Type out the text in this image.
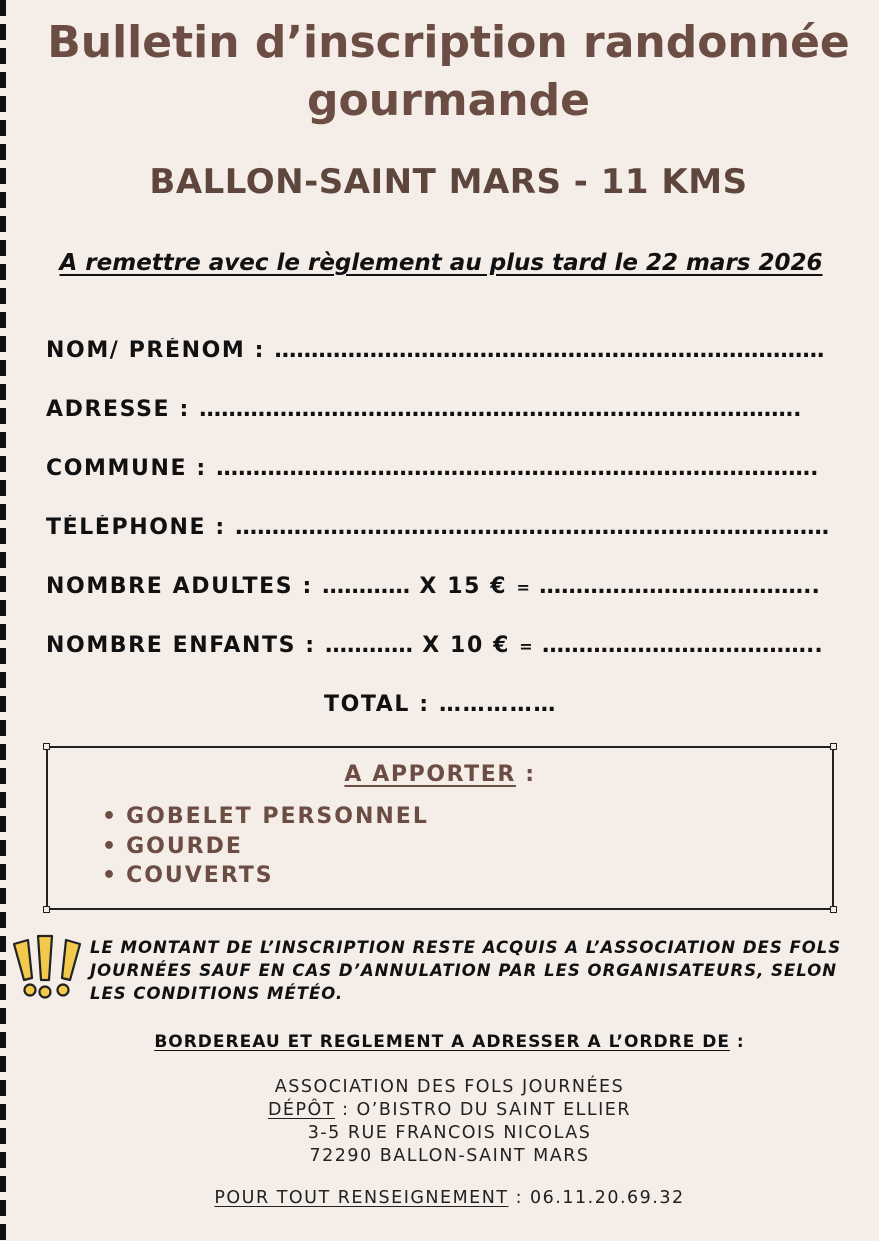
Bulletin d’inscription randonnée
gourmande
BALLON-SAINT MARS - 11 KMS
A remettre avec le règlement au plus tard le 22 mars 2026
NOM/ PRÉNOM : …………………………………………………………………
ADRESSE : ……………………………………………………………………….
COMMUNE : ……………………………………………………………………….
TÉLÉPHONE : ………………………………………………………………………
NOMBRE ADULTES : ………… X 15 € = ………………………………..
NOMBRE ENFANTS : ………… X 10 € = ………………………………..
TOTAL : ……………
A APPORTER :
• GOBELET PERSONNEL
• GOURDE
• COUVERTS

LE MONTANT DE L’INSCRIPTION RESTE ACQUIS A L’ASSOCIATION DES FOLS JOURNÉES SAUF EN CAS D’ANNULATION PAR LES ORGANISATEURS, SELON LES CONDITIONS MÉTÉO.

BORDEREAU ET REGLEMENT A ADRESSER A L’ORDRE DE :
ASSOCIATION DES FOLS JOURNÉES
DÉPÔT : O’BISTRO DU SAINT ELLIER
3-5 RUE FRANCOIS NICOLAS
72290 BALLON-SAINT MARS
POUR TOUT RENSEIGNEMENT : 06.11.20.69.32
